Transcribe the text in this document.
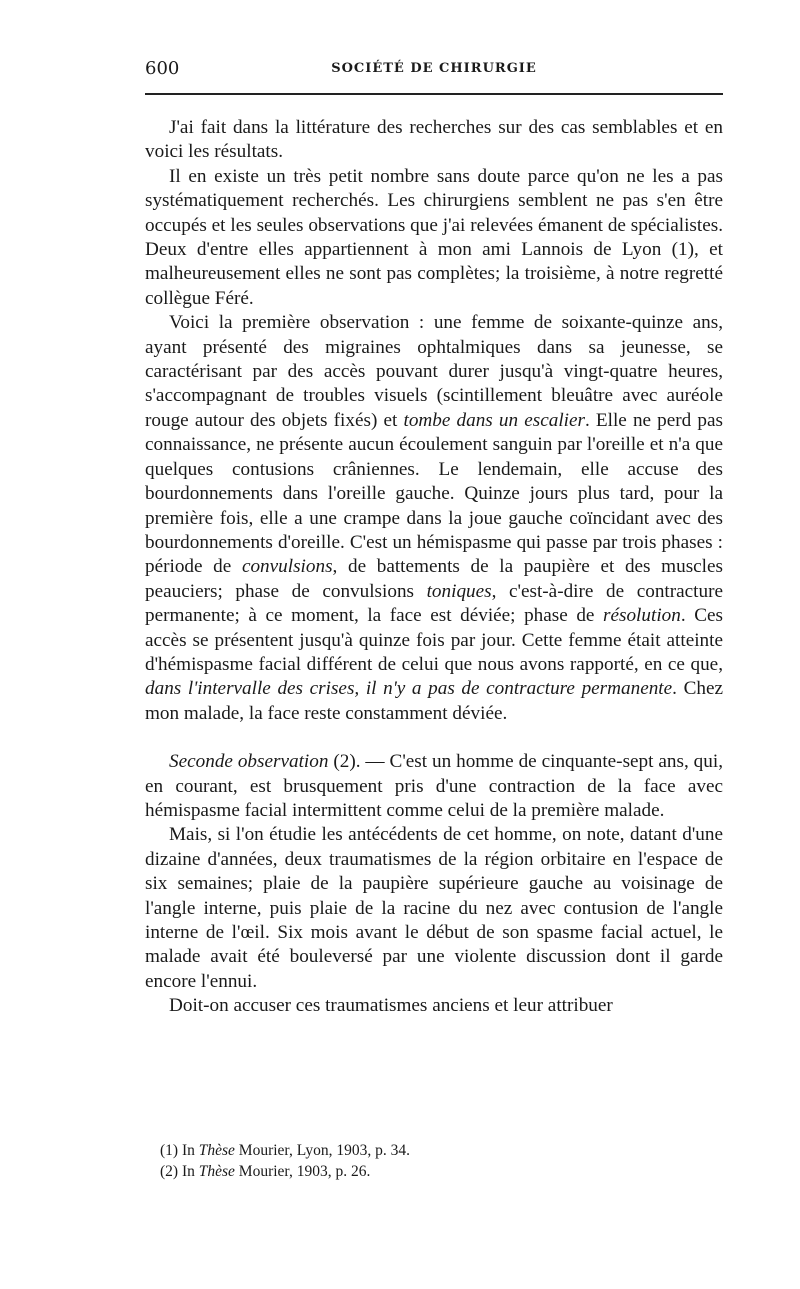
600	SOCIÉTÉ DE CHIRURGIE

J'ai fait dans la littérature des recherches sur des cas semblables et en voici les résultats.

Il en existe un très petit nombre sans doute parce qu'on ne les a pas systématiquement recherchés. Les chirurgiens semblent ne pas s'en être occupés et les seules observations que j'ai relevées émanent de spécialistes. Deux d'entre elles appartiennent à mon ami Lannois de Lyon (1), et malheureusement elles ne sont pas complètes; la troisième, à notre regretté collègue Féré.

Voici la première observation : une femme de soixante-quinze ans, ayant présenté des migraines ophtalmiques dans sa jeunesse, se caractérisant par des accès pouvant durer jusqu'à vingt-quatre heures, s'accompagnant de troubles visuels (scintillement bleuâtre avec auréole rouge autour des objets fixés) et tombe dans un escalier. Elle ne perd pas connaissance, ne présente aucun écoulement sanguin par l'oreille et n'a que quelques contusions crâniennes. Le lendemain, elle accuse des bourdonnements dans l'oreille gauche. Quinze jours plus tard, pour la première fois, elle a une crampe dans la joue gauche coïncidant avec des bourdonnements d'oreille. C'est un hémispasme qui passe par trois phases : période de convulsions, de battements de la paupière et des muscles peauciers; phase de convulsions toniques, c'est-à-dire de contracture permanente; à ce moment, la face est déviée; phase de résolution. Ces accès se présentent jusqu'à quinze fois par jour. Cette femme était atteinte d'hémispasme facial différent de celui que nous avons rapporté, en ce que, dans l'intervalle des crises, il n'y a pas de contracture permanente. Chez mon malade, la face reste constamment déviée.

Seconde observation (2). — C'est un homme de cinquante-sept ans, qui, en courant, est brusquement pris d'une contraction de la face avec hémispasme facial intermittent comme celui de la première malade.

Mais, si l'on étudie les antécédents de cet homme, on note, datant d'une dizaine d'années, deux traumatismes de la région orbitaire en l'espace de six semaines; plaie de la paupière supérieure gauche au voisinage de l'angle interne, puis plaie de la racine du nez avec contusion de l'angle interne de l'œil. Six mois avant le début de son spasme facial actuel, le malade avait été bouleversé par une violente discussion dont il garde encore l'ennui.

Doit-on accuser ces traumatismes anciens et leur attribuer

(1) In Thèse Mourier, Lyon, 1903, p. 34.
(2) In Thèse Mourier, 1903, p. 26.
